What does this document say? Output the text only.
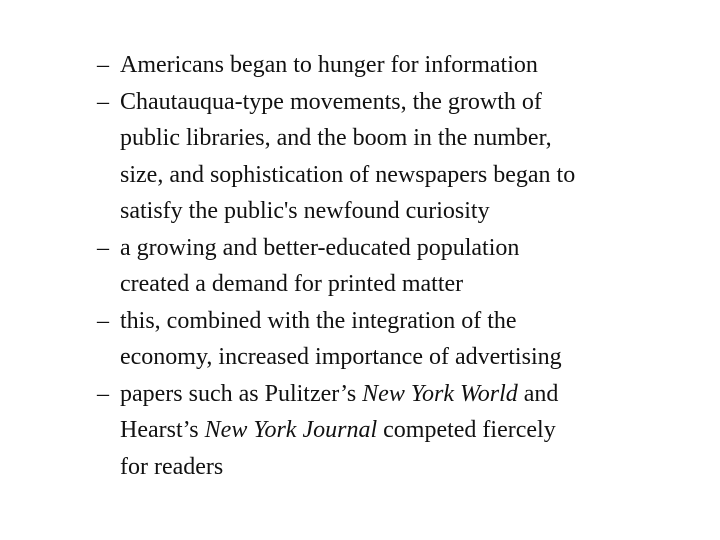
– Americans began to hunger for information
– Chautauqua-type movements, the growth of
public libraries, and the boom in the number,
size, and sophistication of newspapers began to
satisfy the public's newfound curiosity
– a growing and better-educated population
created a demand for printed matter
– this, combined with the integration of the
economy, increased importance of advertising
– papers such as Pulitzer’s New York World and
Hearst’s New York Journal competed fiercely
for readers
